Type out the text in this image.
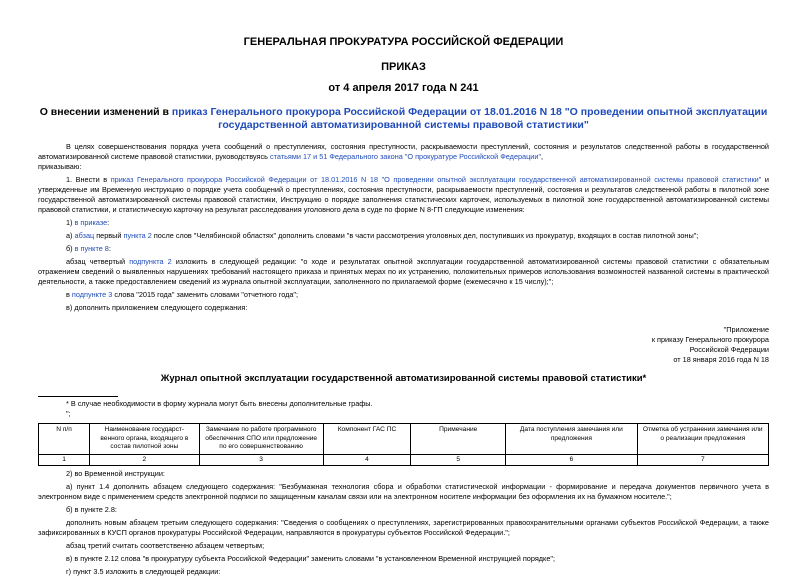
ГЕНЕРАЛЬНАЯ ПРОКУРАТУРА РОССИЙСКОЙ ФЕДЕРАЦИИ
ПРИКАЗ
от 4 апреля 2017 года N 241
О внесении изменений в приказ Генерального прокурора Российской Федерации от 18.01.2016 N 18 "О проведении опытной эксплуатации государственной автоматизированной системы правовой статистики"

В целях совершенствования порядка учета сообщений о преступлениях, состояния преступности, раскрываемости преступлений, состояния и результатов следственной работы в государственной автоматизированной системе правовой статистики, руководствуясь статьями 17 и 51 Федерального закона "О прокуратуре Российской Федерации",

приказываю:

1. Внести в приказ Генерального прокурора Российской Федерации от 18.01.2016 N 18 "О проведении опытной эксплуатации государственной автоматизированной системы правовой статистики" и утвержденные им Временную инструкцию о порядке учета сообщений о преступлениях, состояния преступности, раскрываемости преступлений, состояния и результатов следственной работы в пилотной зоне государственной автоматизированной системы правовой статистики, Инструкцию о порядке заполнения статистических карточек, используемых в пилотной зоне государственной автоматизированной системы правовой статистики, и статистическую карточку на результат расследования уголовного дела в суде по форме N 8-ГП следующие изменения:

1) в приказе:

а) абзац первый пункта 2 после слов "Челябинской областях" дополнить словами "в части рассмотрения уголовных дел, поступивших из прокуратур, входящих в состав пилотной зоны";

б) в пункте 8:

абзац четвертый подпункта 2 изложить в следующей редакции: "о ходе и результатах опытной эксплуатации государственной автоматизированной системы правовой статистики с обязательным отражением сведений о выявленных нарушениях требований настоящего приказа и принятых мерах по их устранению, положительных примеров использования возможностей названной системы в практической деятельности, а также предоставлением сведений из журнала опытной эксплуатации, заполненного по прилагаемой форме (ежемесячно к 15 числу);";

в подпункте 3 слова "2015 года" заменить словами "отчетного года";

в) дополнить приложением следующего содержания:

"Приложение
к приказу Генерального прокурора
Российской Федерации
от 18 января 2016 года N 18
Журнал опытной эксплуатации государственной автоматизированной системы правовой статистики*

* В случае необходимости в форму журнала могут быть внесены дополнительные графы.

";

N п/п	Наименование государст- венного органа, входящего в состав пилотной зоны	Замечание по работе программного обеспечения СПО или предложение по его совершенствованию	Компонент ГАС ПС	Примечание	Дата поступления замечания или предложения	Отметка об устранении замечания или о реализации предложения
1	2	3	4	5	6	7

2) во Временной инструкции:

а) пункт 1.4 дополнить абзацем следующего содержания: "Безбумажная технология сбора и обработки статистической информации - формирование и передача документов первичного учета в электронном виде с применением средств электронной подписи по защищенным каналам связи или на электронном носителе информации без оформления их на бумажном носителе.";

б) в пункте 2.8:

дополнить новым абзацем третьим следующего содержания: "Сведения о сообщениях о преступлениях, зарегистрированных правоохранительными органами субъектов Российской Федерации, а также зафиксированных в КУСП органов прокуратуры Российской Федерации, направляются в прокуратуры субъектов Российской Федерации.";

абзац третий считать соответственно абзацем четвертым;

в) в пункте 2.12 слова "в прокуратуру субъекта Российской Федерации" заменить словами "в установленном Временной инструкцией порядке";

г) пункт 3.5 изложить в следующей редакции:
